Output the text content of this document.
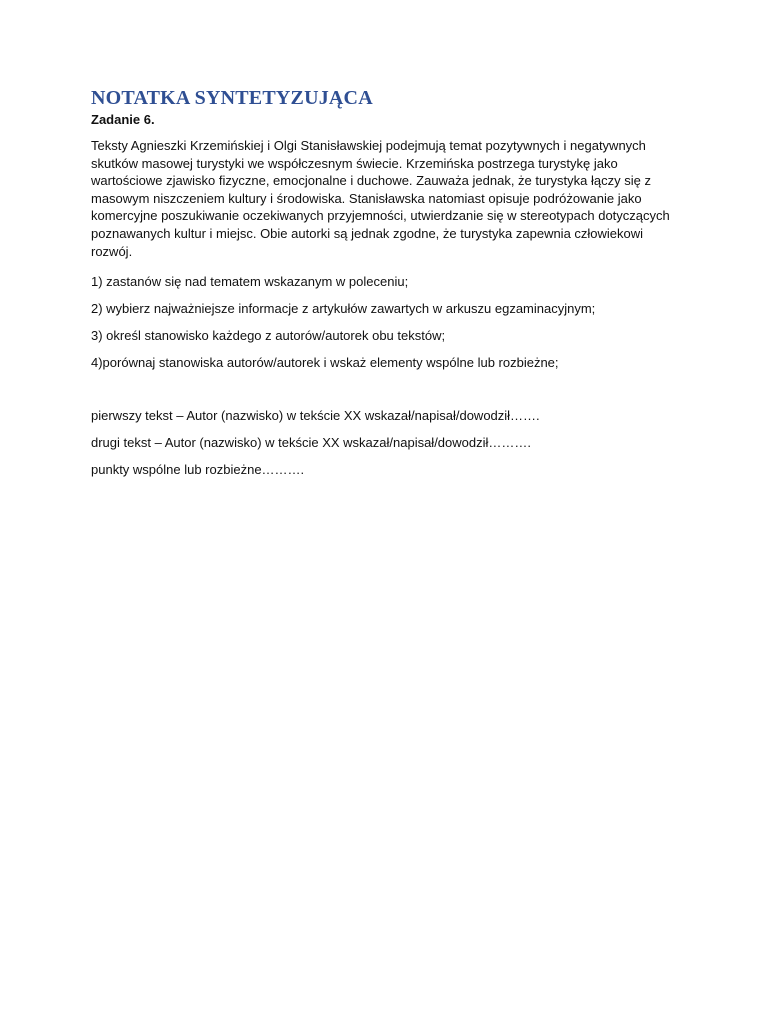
NOTATKA SYNTETYZUJĄCA
Zadanie 6.

Teksty Agnieszki Krzemińskiej i Olgi Stanisławskiej podejmują temat pozytywnych i negatywnych skutków masowej turystyki we współczesnym świecie. Krzemińska postrzega turystykę jako wartościowe zjawisko fizyczne, emocjonalne i duchowe. Zauważa jednak, że turystyka łączy się z masowym niszczeniem kultury i środowiska. Stanisławska natomiast opisuje podróżowanie jako komercyjne poszukiwanie oczekiwanych przyjemności, utwierdzanie się w stereotypach dotyczących poznawanych kultur i miejsc. Obie autorki są jednak zgodne, że turystyka zapewnia człowiekowi rozwój.

1) zastanów się nad tematem wskazanym w poleceniu;
2) wybierz najważniejsze informacje z artykułów zawartych w arkuszu egzaminacyjnym;
3) określ stanowisko każdego z autorów/autorek obu tekstów;
4)porównaj stanowiska autorów/autorek i wskaż elementy wspólne lub rozbieżne;
pierwszy tekst – Autor (nazwisko) w tekście XX wskazał/napisał/dowodził…….
drugi tekst – Autor (nazwisko) w tekście XX wskazał/napisał/dowodził……….
punkty wspólne lub rozbieżne……….
